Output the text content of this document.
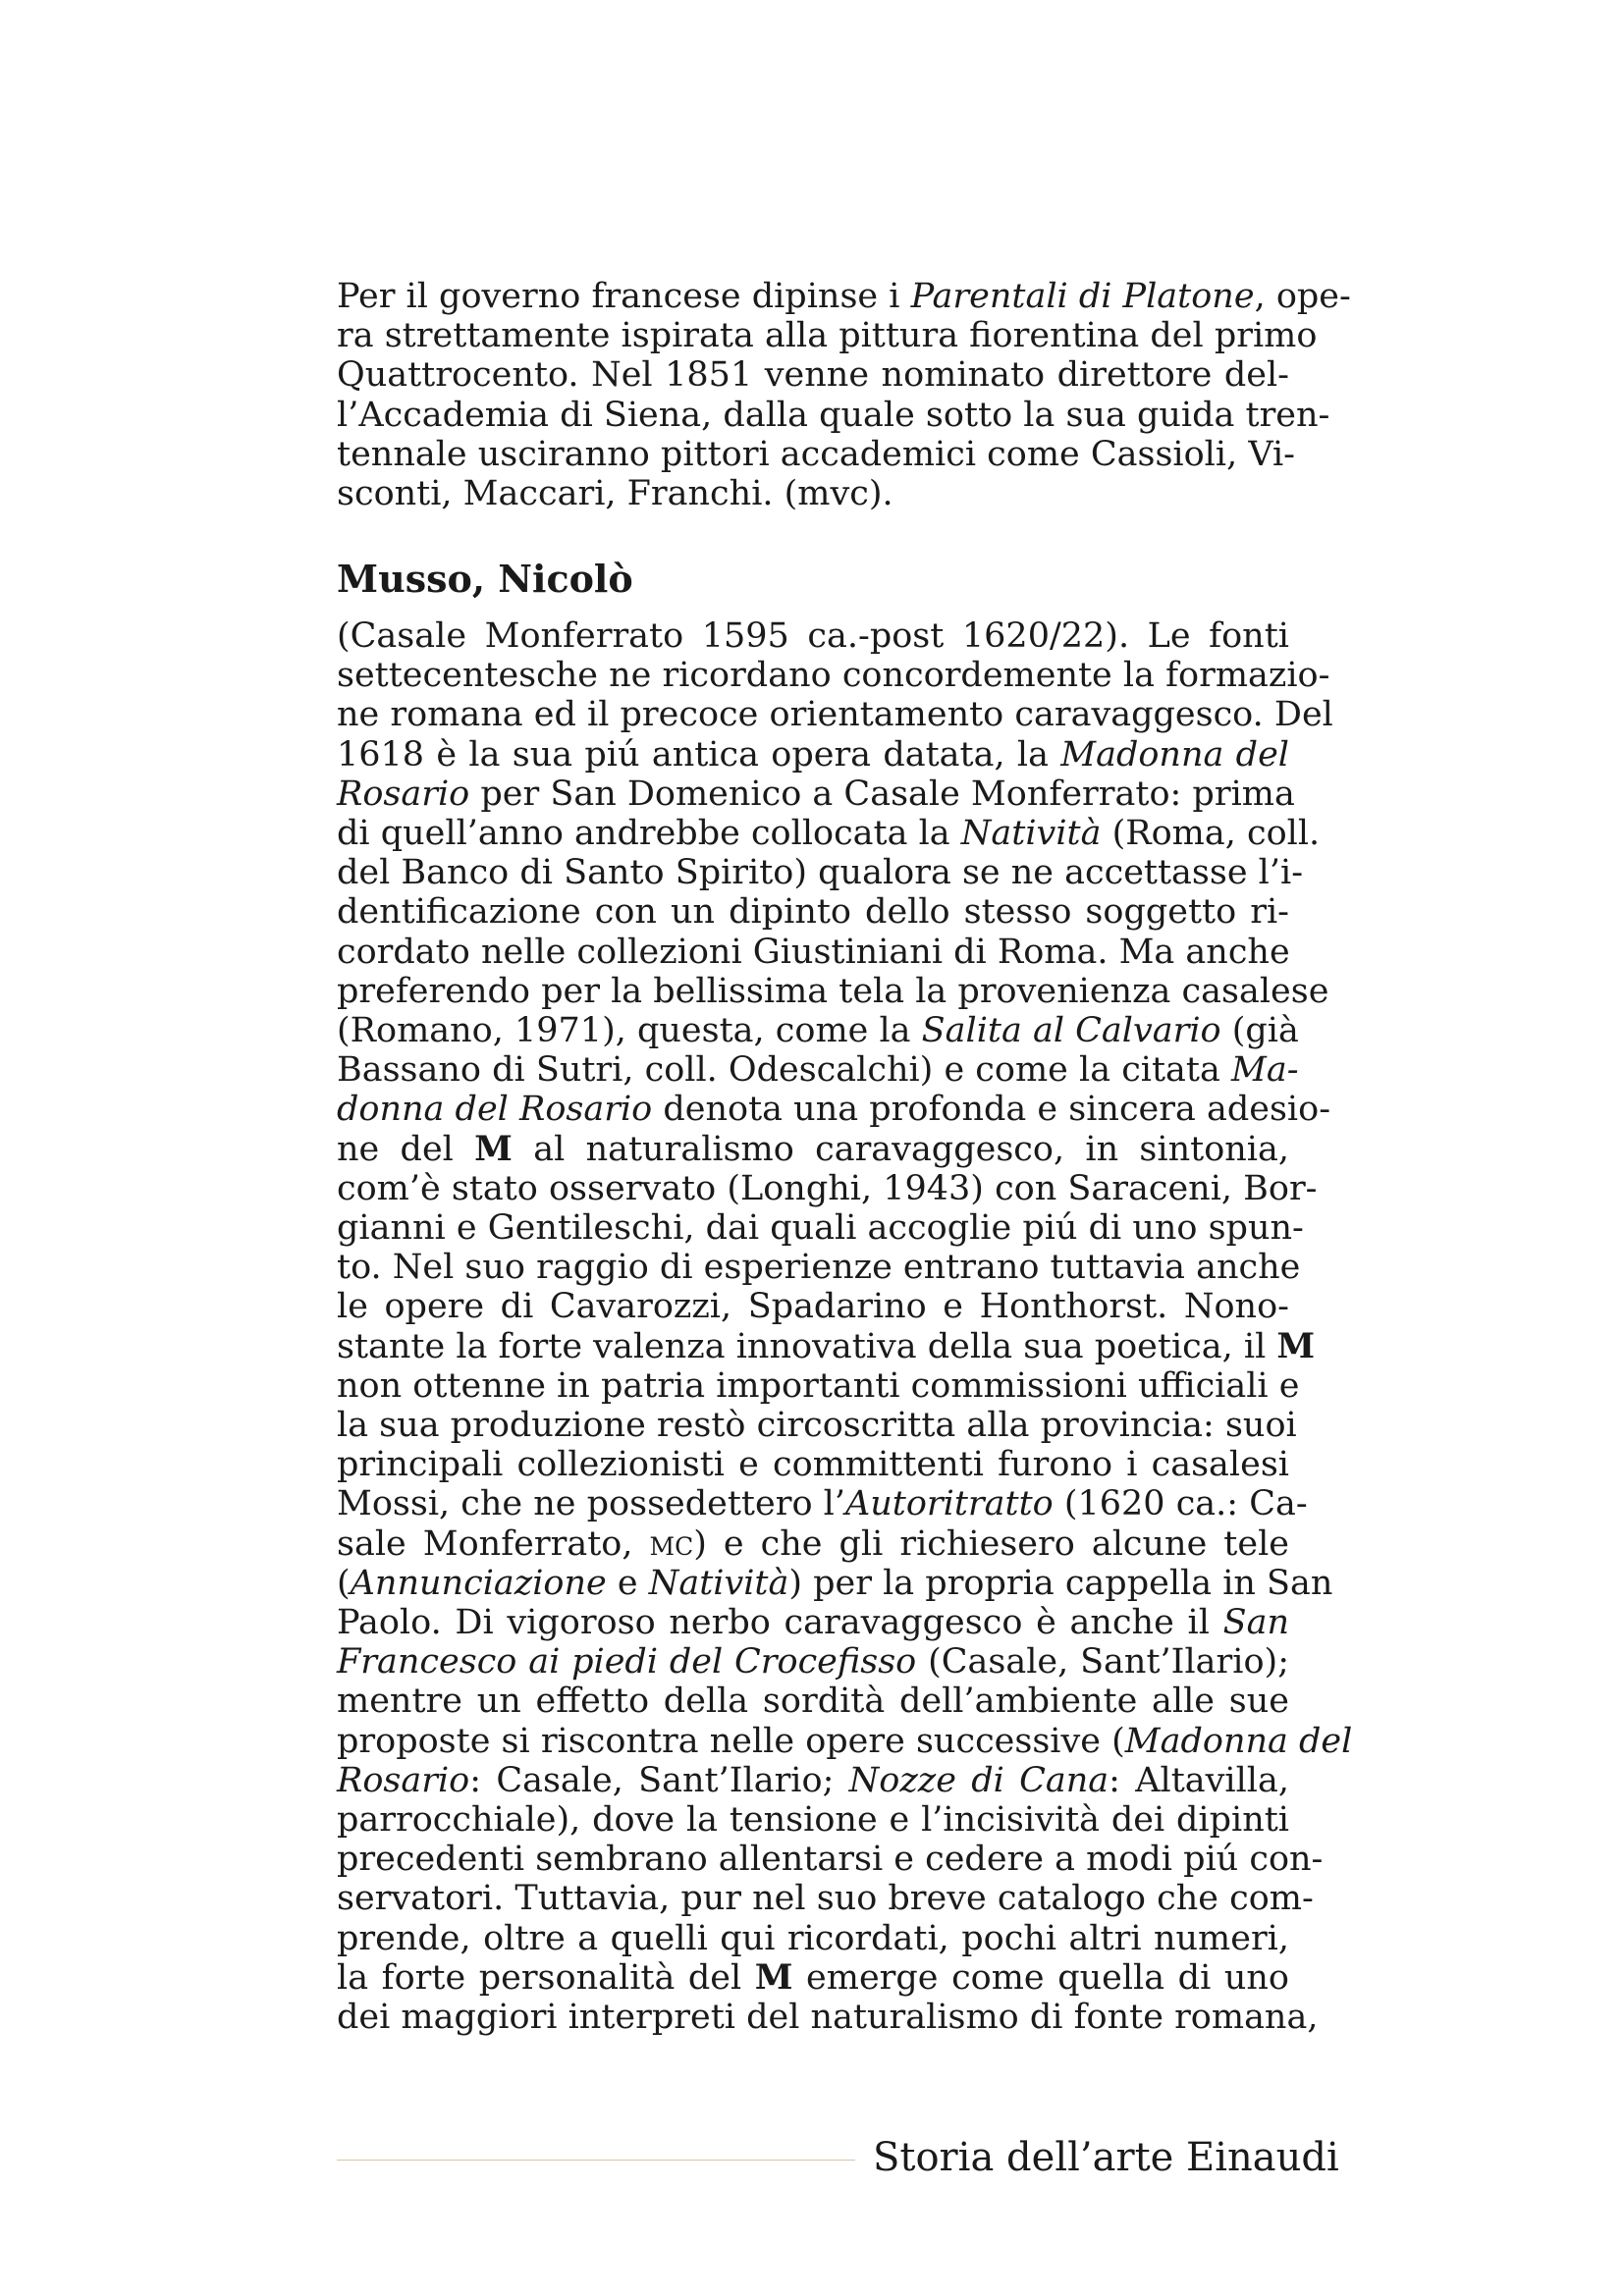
Per il governo francese dipinse i Parentali di Platone, ope-
ra strettamente ispirata alla pittura fiorentina del primo
Quattrocento. Nel 1851 venne nominato direttore del-
l’Accademia di Siena, dalla quale sotto la sua guida tren-
tennale usciranno pittori accademici come Cassioli, Vi-
sconti, Maccari, Franchi. (mvc).
Musso, Nicolò
(Casale Monferrato 1595 ca.-post 1620/22). Le fonti
settecentesche ne ricordano concordemente la formazio-
ne romana ed il precoce orientamento caravaggesco. Del
1618 è la sua piú antica opera datata, la Madonna del
Rosario per San Domenico a Casale Monferrato: prima
di quell’anno andrebbe collocata la Natività (Roma, coll.
del Banco di Santo Spirito) qualora se ne accettasse l’i-
dentificazione con un dipinto dello stesso soggetto ri-
cordato nelle collezioni Giustiniani di Roma. Ma anche
preferendo per la bellissima tela la provenienza casalese
(Romano, 1971), questa, come la Salita al Calvario (già
Bassano di Sutri, coll. Odescalchi) e come la citata Ma-
donna del Rosario denota una profonda e sincera adesio-
ne del M al naturalismo caravaggesco, in sintonia,
com’è stato osservato (Longhi, 1943) con Saraceni, Bor-
gianni e Gentileschi, dai quali accoglie piú di uno spun-
to. Nel suo raggio di esperienze entrano tuttavia anche
le opere di Cavarozzi, Spadarino e Honthorst. Nono-
stante la forte valenza innovativa della sua poetica, il M
non ottenne in patria importanti commissioni ufficiali e
la sua produzione restò circoscritta alla provincia: suoi
principali collezionisti e committenti furono i casalesi
Mossi, che ne possedettero l’Autoritratto (1620 ca.: Ca-
sale Monferrato, mc) e che gli richiesero alcune tele
(Annunciazione e Natività) per la propria cappella in San
Paolo. Di vigoroso nerbo caravaggesco è anche il San
Francesco ai piedi del Crocefisso (Casale, Sant’Ilario);
mentre un effetto della sordità dell’ambiente alle sue
proposte si riscontra nelle opere successive (Madonna del
Rosario: Casale, Sant’Ilario; Nozze di Cana: Altavilla,
parrocchiale), dove la tensione e l’incisività dei dipinti
precedenti sembrano allentarsi e cedere a modi piú con-
servatori. Tuttavia, pur nel suo breve catalogo che com-
prende, oltre a quelli qui ricordati, pochi altri numeri,
la forte personalità del M emerge come quella di uno
dei maggiori interpreti del naturalismo di fonte romana,
Storia dell’arte Einaudi
